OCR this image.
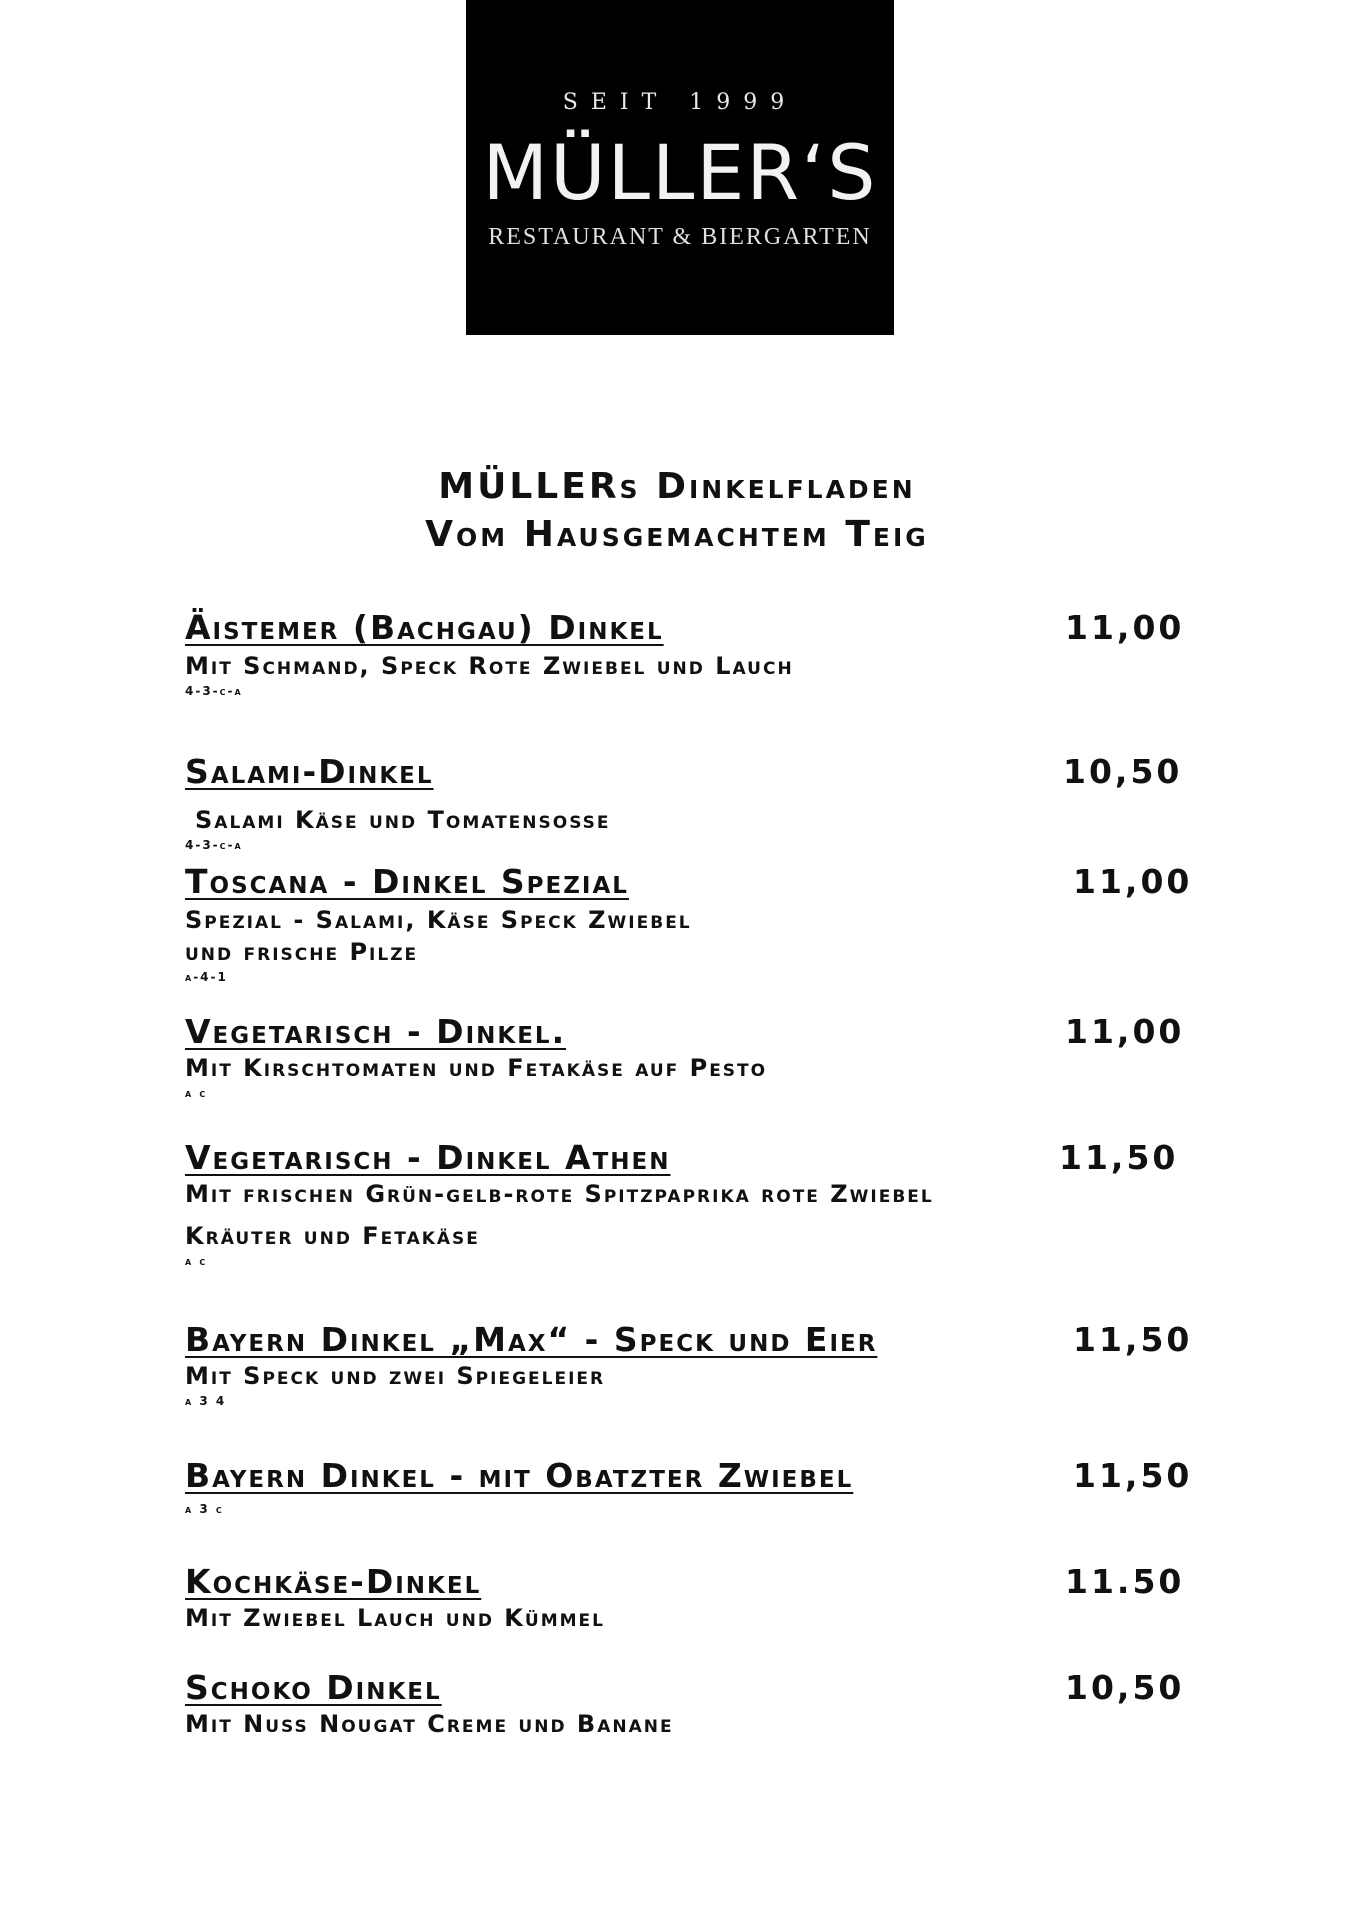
SEIT 1999
MÜLLER‘S
RESTAURANT & BIERGARTEN
MÜLLERs Dinkelfladen
Vom Hausgemachtem Teig
Äistemer (Bachgau) Dinkel	11,00
Mit Schmand, Speck Rote Zwiebel und Lauch
4-3-c-a
Salami-Dinkel	10,50
Salami Käse und Tomatensosse
4-3-c-a
Toscana - Dinkel Spezial	11,00
Spezial - Salami, Käse Speck Zwiebel
und frische Pilze
a-4-1
Vegetarisch - Dinkel.	11,00
Mit Kirschtomaten und Fetakäse auf Pesto
a c
Vegetarisch - Dinkel Athen	11,50
Mit frischen Grün-gelb-rote Spitzpaprika rote Zwiebel
Kräuter und Fetakäse
a c
Bayern Dinkel „Max“ - Speck und Eier	11,50
Mit Speck und zwei Spiegeleier
a 3 4
Bayern Dinkel - mit Obatzter Zwiebel	11,50
a 3 c
Kochkäse-Dinkel	11.50
Mit Zwiebel Lauch und Kümmel
Schoko Dinkel	10,50
Mit Nuss Nougat Creme und Banane
